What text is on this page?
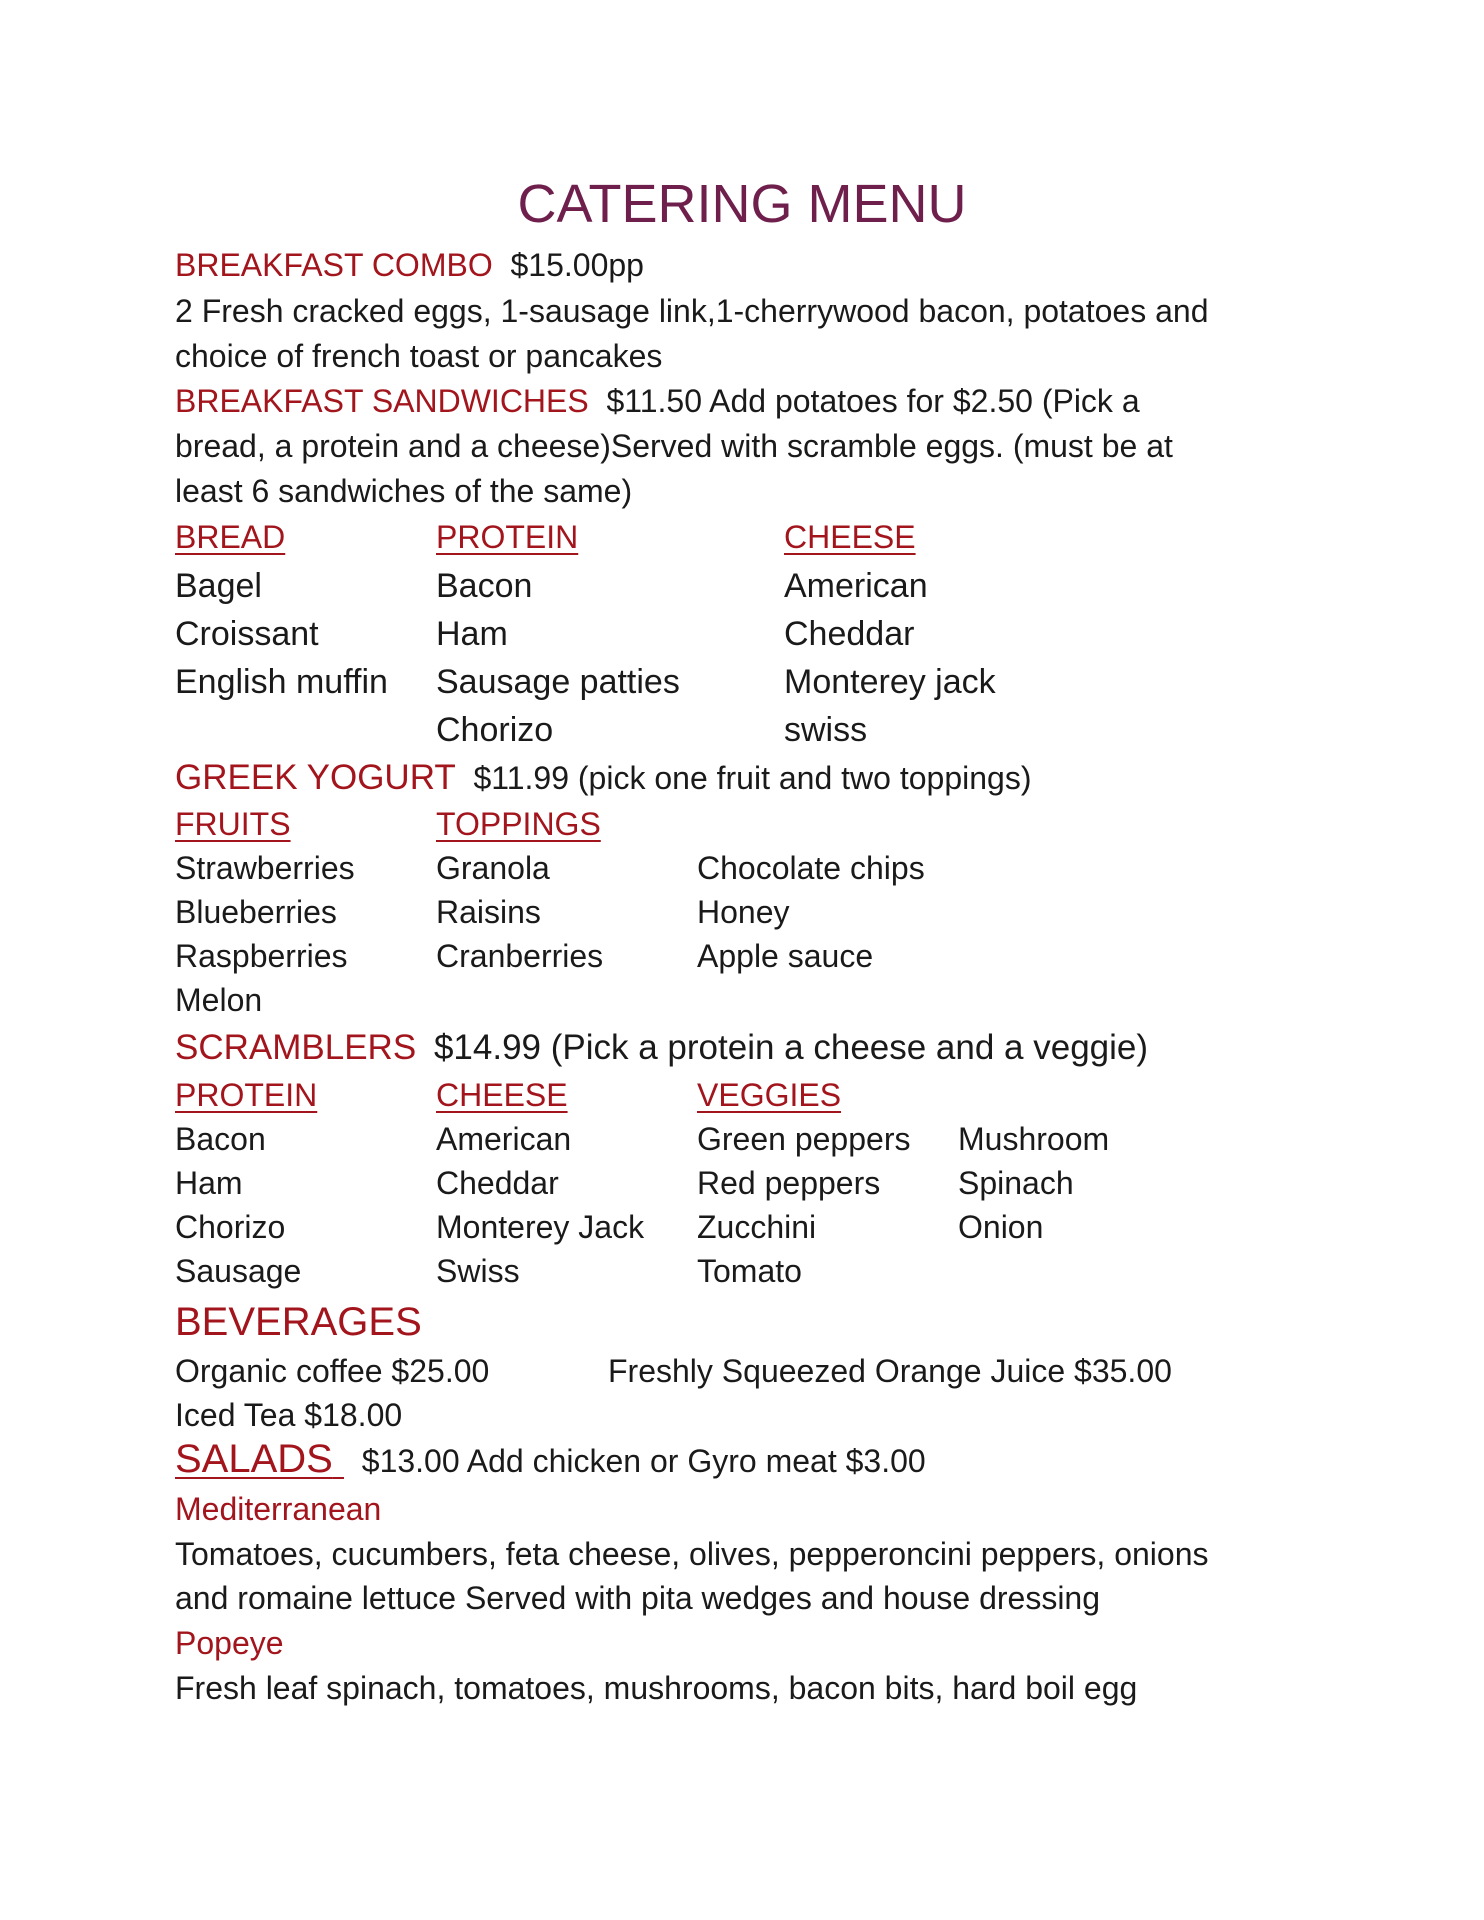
CATERING MENU
BREAKFAST COMBO $15.00pp
2 Fresh cracked eggs, 1-sausage link,1-cherrywood bacon, potatoes and
choice of french toast or pancakes
BREAKFAST SANDWICHES $11.50 Add potatoes for $2.50 (Pick a
bread, a protein and a cheese)Served with scramble eggs. (must be at
least 6 sandwiches of the same)
BREAD
Bagel
Croissant
English muffin
PROTEIN
Bacon
Ham
Sausage patties
Chorizo
CHEESE
American
Cheddar
Monterey jack
swiss
GREEK YOGURT $11.99 (pick one fruit and two toppings)
FRUITS
Strawberries
Blueberries
Raspberries
Melon
TOPPINGS
Granola
Raisins
Cranberries
Chocolate chips
Honey
Apple sauce
SCRAMBLERS $14.99 (Pick a protein a cheese and a veggie)
PROTEIN
Bacon
Ham
Chorizo
Sausage
CHEESE
American
Cheddar
Monterey Jack
Swiss
VEGGIES
Green peppers
Red peppers
Zucchini
Tomato
Mushroom
Spinach
Onion
BEVERAGES
Organic coffee $25.00	Freshly Squeezed Orange Juice $35.00
Iced Tea $18.00
SALADS $13.00 Add chicken or Gyro meat $3.00
Mediterranean
Tomatoes, cucumbers, feta cheese, olives, pepperoncini peppers, onions
and romaine lettuce Served with pita wedges and house dressing
Popeye
Fresh leaf spinach, tomatoes, mushrooms, bacon bits, hard boil egg
